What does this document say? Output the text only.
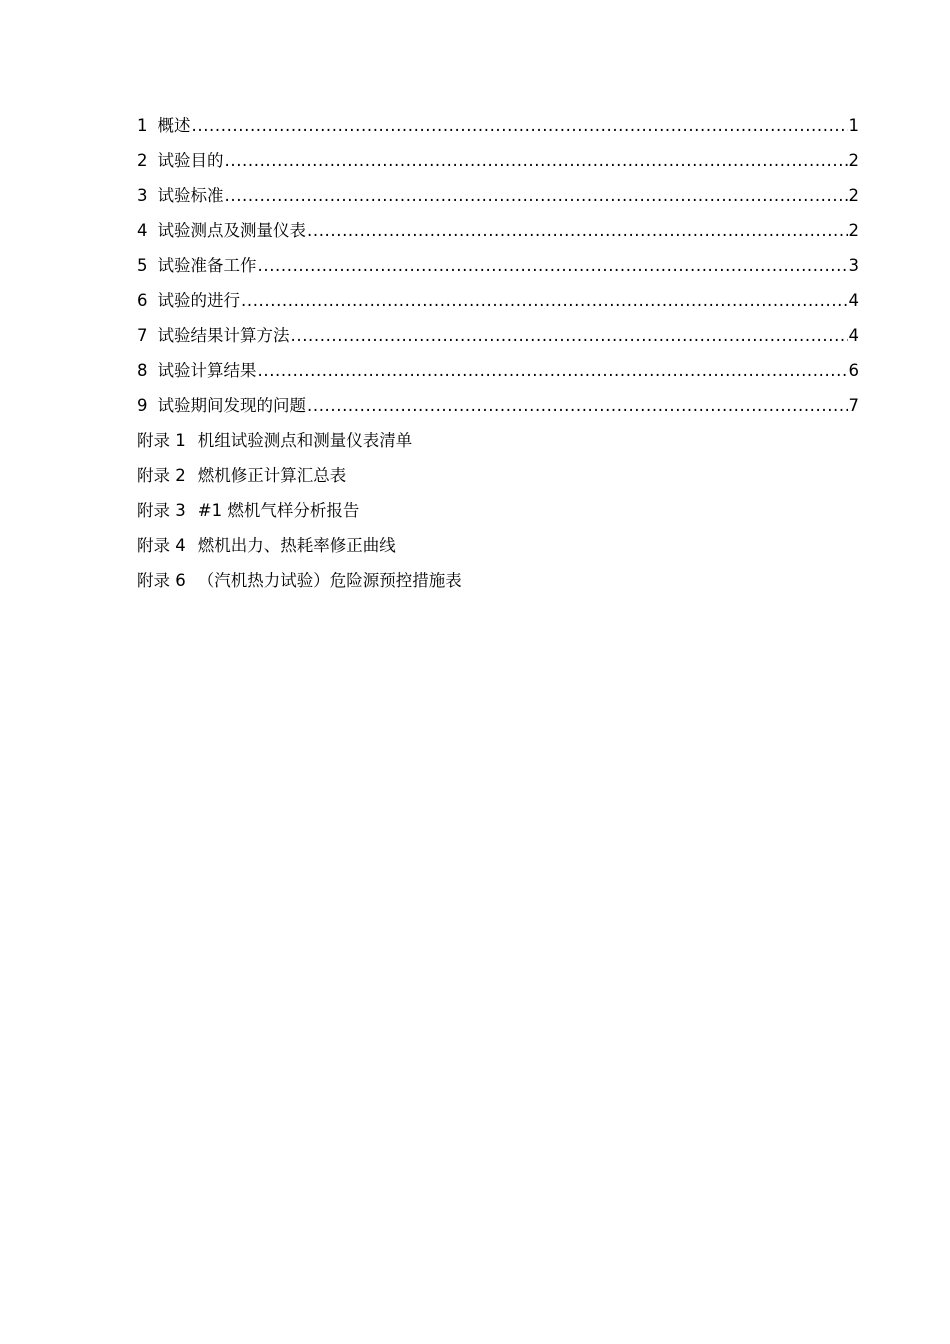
1 概述 .....	1
2 试验目的 .....	2
3 试验标准 .....	2
4 试验测点及测量仪表 .....	2
5 试验准备工作 .....	3
6 试验的进行 .....	4
7 试验结果计算方法 .....	4
8 试验计算结果 .....	6
9 试验期间发现的问题 .....	7
附录 1 机组试验测点和测量仪表清单
附录 2 燃机修正计算汇总表
附录 3 #1 燃机气样分析报告
附录 4 燃机出力、热耗率修正曲线
附录 6 （汽机热力试验）危险源预控措施表
